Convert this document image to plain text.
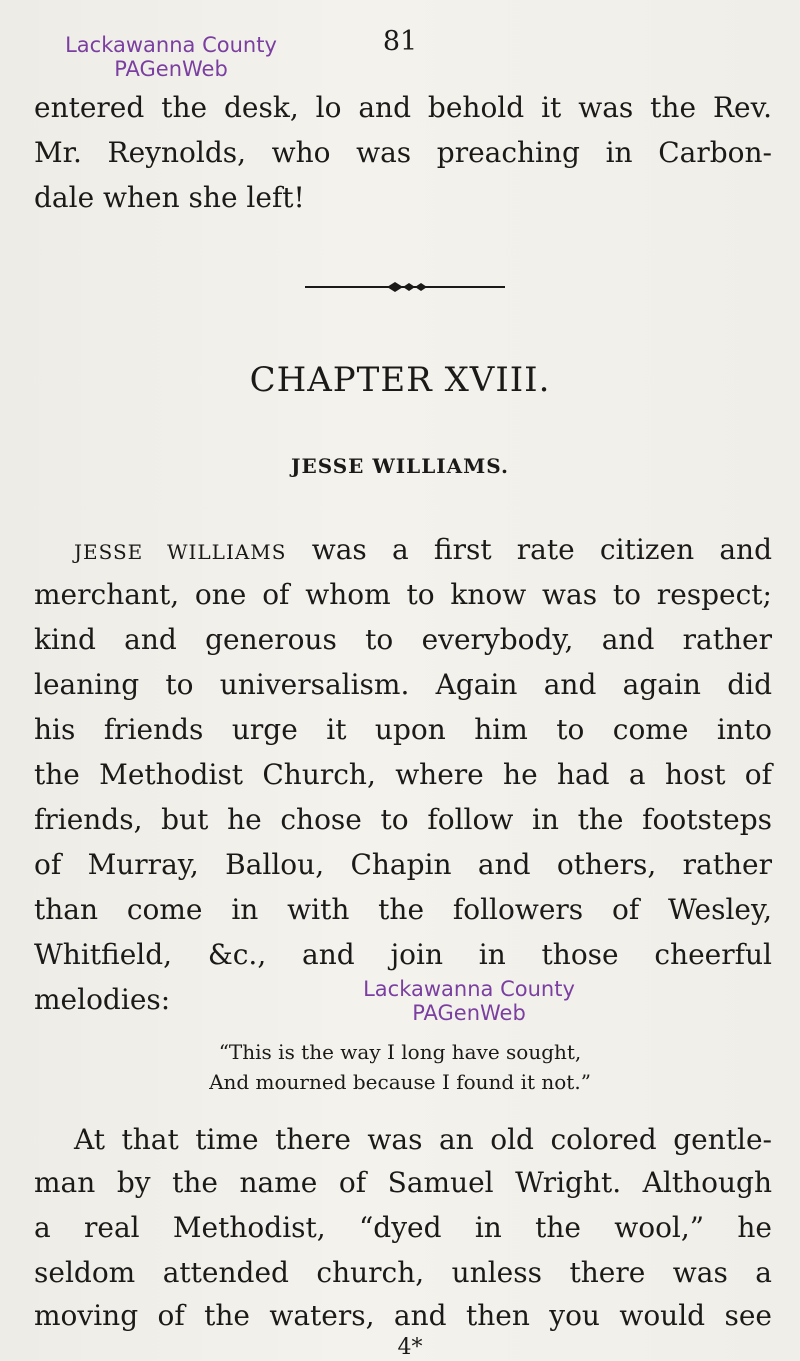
Lackawanna County
PAGenWeb
81
entered the desk, lo and behold it was the Rev.
Mr. Reynolds, who was preaching in Carbon-
dale when she left!
CHAPTER XVIII.
JESSE WILLIAMS.
JESSE WILLIAMS was a first rate citizen and
merchant, one of whom to know was to respect;
kind and generous to everybody, and rather
leaning to universalism. Again and again did
his friends urge it upon him to come into
the Methodist Church, where he had a host of
friends, but he chose to follow in the footsteps
of Murray, Ballou, Chapin and others, rather
than come in with the followers of Wesley,
Whitfield, &c., and join in those cheerful
melodies:	Lackawanna County
PAGenWeb
“This is the way I long have sought,
And mourned because I found it not.”
At that time there was an old colored gentle-
man by the name of Samuel Wright. Although
a real Methodist, “dyed in the wool,” he
seldom attended church, unless there was a
moving of the waters, and then you would see
4*
